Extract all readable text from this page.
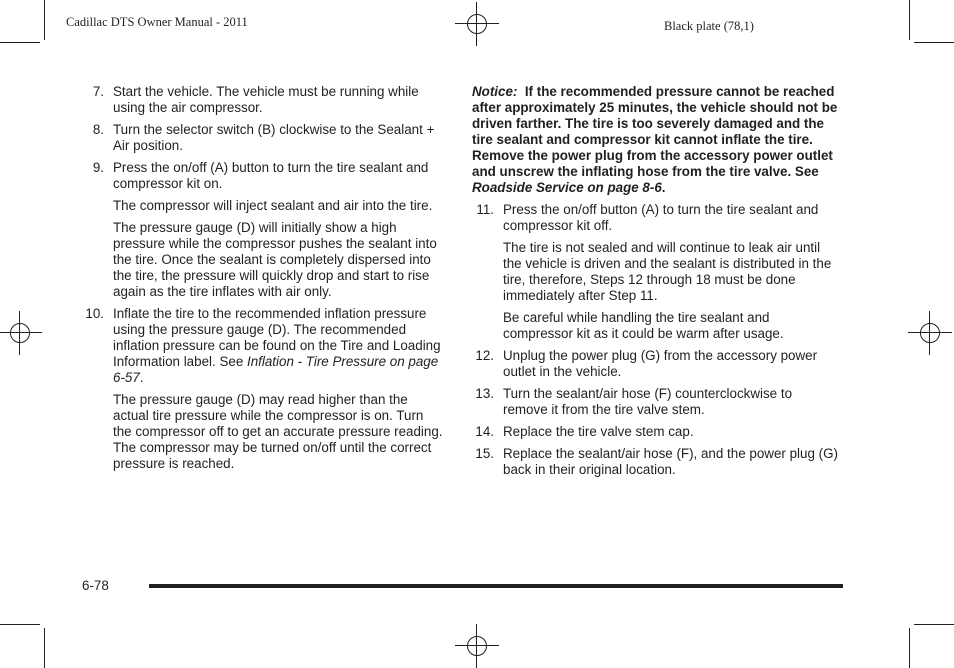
Cadillac DTS Owner Manual - 2011	Black plate (78,1)
7. Start the vehicle. The vehicle must be running while using the air compressor.
8. Turn the selector switch (B) clockwise to the Sealant + Air position.
9. Press the on/off (A) button to turn the tire sealant and compressor kit on.
The compressor will inject sealant and air into the tire.
The pressure gauge (D) will initially show a high pressure while the compressor pushes the sealant into the tire. Once the sealant is completely dispersed into the tire, the pressure will quickly drop and start to rise again as the tire inflates with air only.
10. Inflate the tire to the recommended inflation pressure using the pressure gauge (D). The recommended inflation pressure can be found on the Tire and Loading Information label. See Inflation - Tire Pressure on page 6-57.
The pressure gauge (D) may read higher than the actual tire pressure while the compressor is on. Turn the compressor off to get an accurate pressure reading. The compressor may be turned on/off until the correct pressure is reached.
Notice:  If the recommended pressure cannot be reached after approximately 25 minutes, the vehicle should not be driven farther. The tire is too severely damaged and the tire sealant and compressor kit cannot inflate the tire. Remove the power plug from the accessory power outlet and unscrew the inflating hose from the tire valve. See Roadside Service on page 8-6.
11. Press the on/off button (A) to turn the tire sealant and compressor kit off.
The tire is not sealed and will continue to leak air until the vehicle is driven and the sealant is distributed in the tire, therefore, Steps 12 through 18 must be done immediately after Step 11.
Be careful while handling the tire sealant and compressor kit as it could be warm after usage.
12. Unplug the power plug (G) from the accessory power outlet in the vehicle.
13. Turn the sealant/air hose (F) counterclockwise to remove it from the tire valve stem.
14. Replace the tire valve stem cap.
15. Replace the sealant/air hose (F), and the power plug (G) back in their original location.
6-78
